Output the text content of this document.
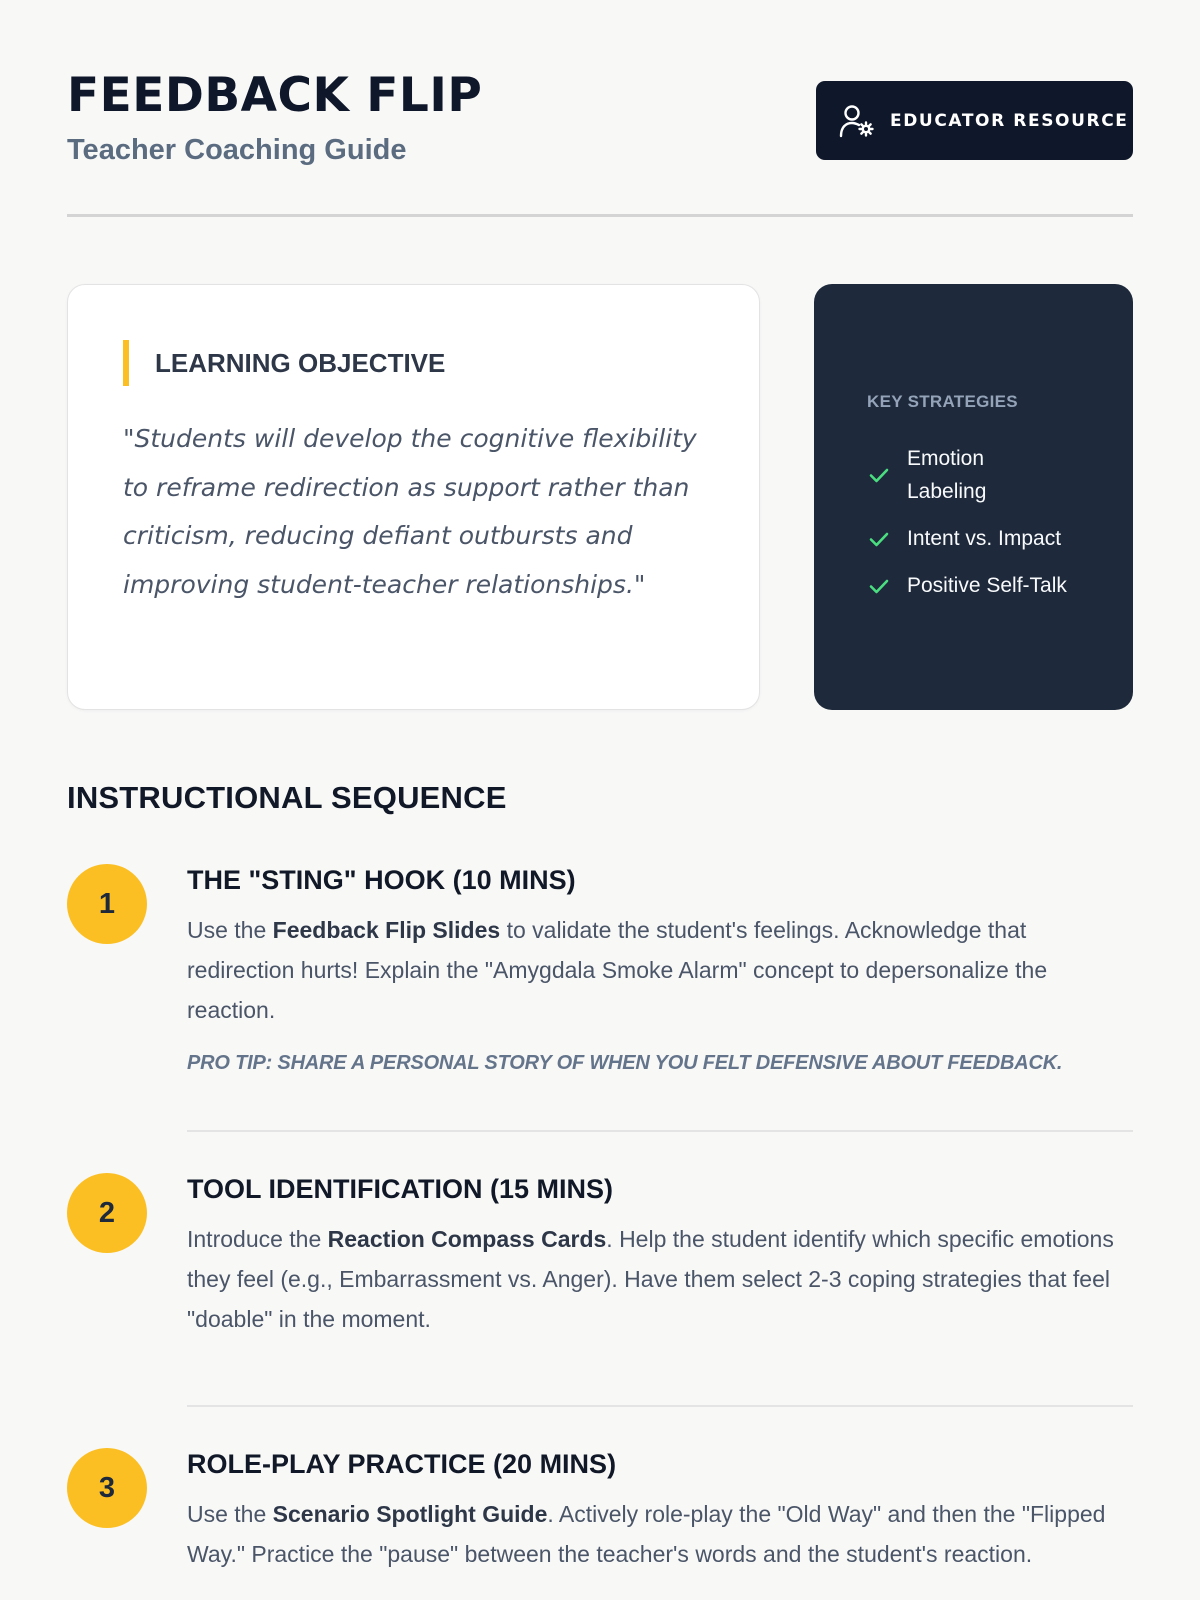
FEEDBACK FLIP
Teacher Coaching Guide
EDUCATOR RESOURCE
LEARNING OBJECTIVE

"Students will develop the cognitive flexibility to reframe redirection as support rather than criticism, reducing defiant outbursts and improving student-teacher relationships."

KEY STRATEGIES
Emotion Labeling
Intent vs. Impact
Positive Self-Talk
INSTRUCTIONAL SEQUENCE
1
THE "STING" HOOK (10 MINS)

Use the Feedback Flip Slides to validate the student's feelings. Acknowledge that redirection hurts! Explain the "Amygdala Smoke Alarm" concept to depersonalize the reaction.

PRO TIP: SHARE A PERSONAL STORY OF WHEN YOU FELT DEFENSIVE ABOUT FEEDBACK.

2
TOOL IDENTIFICATION (15 MINS)

Introduce the Reaction Compass Cards. Help the student identify which specific emotions they feel (e.g., Embarrassment vs. Anger). Have them select 2-3 coping strategies that feel "doable" in the moment.

3
ROLE-PLAY PRACTICE (20 MINS)

Use the Scenario Spotlight Guide. Actively role-play the "Old Way" and then the "Flipped Way." Practice the "pause" between the teacher's words and the student's reaction.
